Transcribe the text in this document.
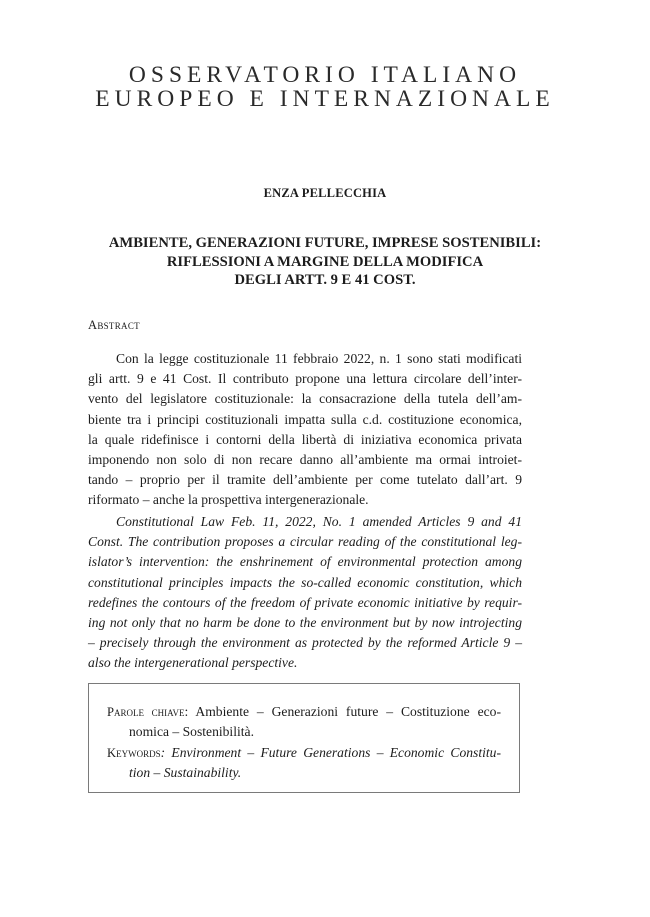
OSSERVATORIO ITALIANO
EUROPEO E INTERNAZIONALE
ENZA PELLECCHIA
AMBIENTE, GENERAZIONI FUTURE, IMPRESE SOSTENIBILI:
RIFLESSIONI A MARGINE DELLA MODIFICA
DEGLI ARTT. 9 E 41 COST.
Abstract
Con la legge costituzionale 11 febbraio 2022, n. 1 sono stati modificati
gli artt. 9 e 41 Cost. Il contributo propone una lettura circolare dell’inter-
vento del legislatore costituzionale: la consacrazione della tutela dell’am-
biente tra i principi costituzionali impatta sulla c.d. costituzione economica,
la quale ridefinisce i contorni della libertà di iniziativa economica privata
imponendo non solo di non recare danno all’ambiente ma ormai introiet-
tando – proprio per il tramite dell’ambiente per come tutelato dall’art. 9
riformato – anche la prospettiva intergenerazionale.
Constitutional Law Feb. 11, 2022, No. 1 amended Articles 9 and 41
Const. The contribution proposes a circular reading of the constitutional leg-
islator’s intervention: the enshrinement of environmental protection among
constitutional principles impacts the so-called economic constitution, which
redefines the contours of the freedom of private economic initiative by requir-
ing not only that no harm be done to the environment but by now introjecting
– precisely through the environment as protected by the reformed Article 9 –
also the intergenerational perspective.
Parole chiave: Ambiente – Generazioni future – Costituzione eco-
nomica – Sostenibilità.
Keywords: Environment – Future Generations – Economic Constitu-
tion – Sustainability.
